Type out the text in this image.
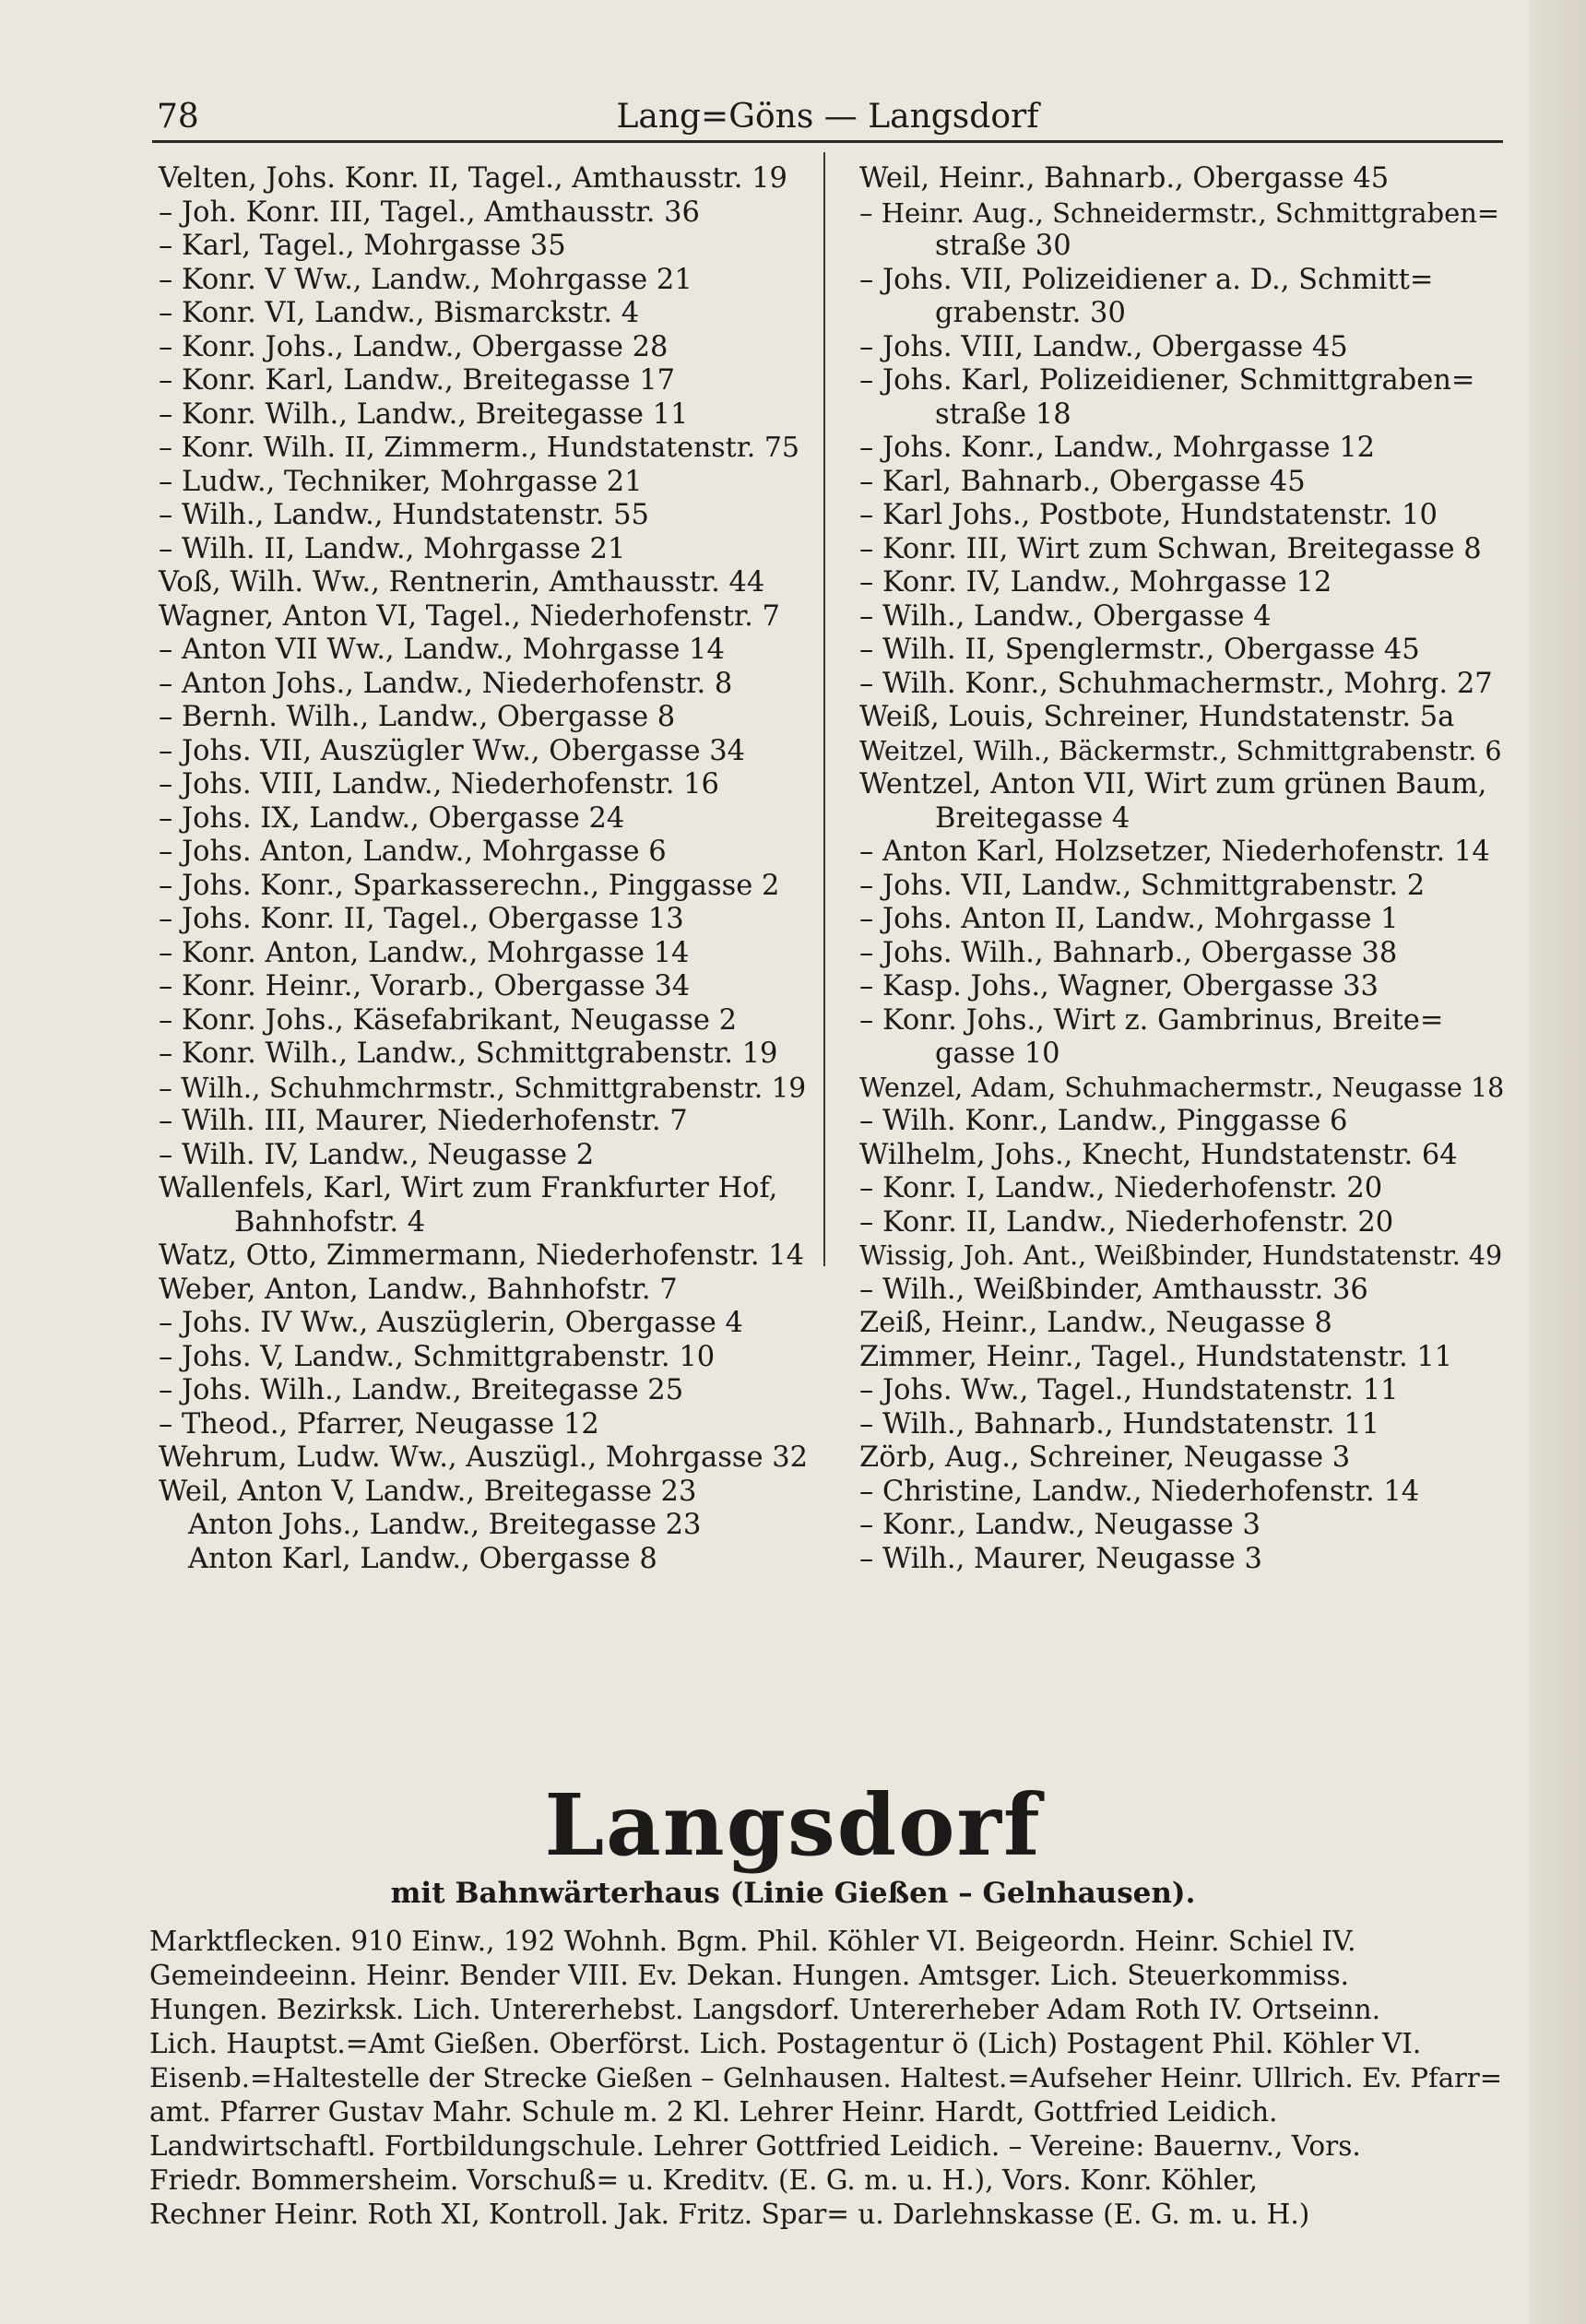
78	Lang=Göns — Langsdorf
Velten, Johs. Konr. II, Tagel., Amthausstr. 19
– Joh. Konr. III, Tagel., Amthausstr. 36
– Karl, Tagel., Mohrgasse 35
– Konr. V Ww., Landw., Mohrgasse 21
– Konr. VI, Landw., Bismarckstr. 4
– Konr. Johs., Landw., Obergasse 28
– Konr. Karl, Landw., Breitegasse 17
– Konr. Wilh., Landw., Breitegasse 11
– Konr. Wilh. II, Zimmerm., Hundstatenstr. 75
– Ludw., Techniker, Mohrgasse 21
– Wilh., Landw., Hundstatenstr. 55
– Wilh. II, Landw., Mohrgasse 21
Voß, Wilh. Ww., Rentnerin, Amthausstr. 44
Wagner, Anton VI, Tagel., Niederhofenstr. 7
– Anton VII Ww., Landw., Mohrgasse 14
– Anton Johs., Landw., Niederhofenstr. 8
– Bernh. Wilh., Landw., Obergasse 8
– Johs. VII, Auszügler Ww., Obergasse 34
– Johs. VIII, Landw., Niederhofenstr. 16
– Johs. IX, Landw., Obergasse 24
– Johs. Anton, Landw., Mohrgasse 6
– Johs. Konr., Sparkasserechn., Pinggasse 2
– Johs. Konr. II, Tagel., Obergasse 13
– Konr. Anton, Landw., Mohrgasse 14
– Konr. Heinr., Vorarb., Obergasse 34
– Konr. Johs., Käsefabrikant, Neugasse 2
– Konr. Wilh., Landw., Schmittgrabenstr. 19
– Wilh., Schuhmchrmstr., Schmittgrabenstr. 19
– Wilh. III, Maurer, Niederhofenstr. 7
– Wilh. IV, Landw., Neugasse 2
Wallenfels, Karl, Wirt zum Frankfurter Hof,
Bahnhofstr. 4
Watz, Otto, Zimmermann, Niederhofenstr. 14
Weber, Anton, Landw., Bahnhofstr. 7
– Johs. IV Ww., Auszüglerin, Obergasse 4
– Johs. V, Landw., Schmittgrabenstr. 10
– Johs. Wilh., Landw., Breitegasse 25
– Theod., Pfarrer, Neugasse 12
Wehrum, Ludw. Ww., Auszügl., Mohrgasse 32
Weil, Anton V, Landw., Breitegasse 23
Anton Johs., Landw., Breitegasse 23
Anton Karl, Landw., Obergasse 8
Weil, Heinr., Bahnarb., Obergasse 45
– Heinr. Aug., Schneidermstr., Schmittgraben=
straße 30
– Johs. VII, Polizeidiener a. D., Schmitt=
grabenstr. 30
– Johs. VIII, Landw., Obergasse 45
– Johs. Karl, Polizeidiener, Schmittgraben=
straße 18
– Johs. Konr., Landw., Mohrgasse 12
– Karl, Bahnarb., Obergasse 45
– Karl Johs., Postbote, Hundstatenstr. 10
– Konr. III, Wirt zum Schwan, Breitegasse 8
– Konr. IV, Landw., Mohrgasse 12
– Wilh., Landw., Obergasse 4
– Wilh. II, Spenglermstr., Obergasse 45
– Wilh. Konr., Schuhmachermstr., Mohrg. 27
Weiß, Louis, Schreiner, Hundstatenstr. 5a
Weitzel, Wilh., Bäckermstr., Schmittgrabenstr. 6
Wentzel, Anton VII, Wirt zum grünen Baum,
Breitegasse 4
– Anton Karl, Holzsetzer, Niederhofenstr. 14
– Johs. VII, Landw., Schmittgrabenstr. 2
– Johs. Anton II, Landw., Mohrgasse 1
– Johs. Wilh., Bahnarb., Obergasse 38
– Kasp. Johs., Wagner, Obergasse 33
– Konr. Johs., Wirt z. Gambrinus, Breite=
gasse 10
Wenzel, Adam, Schuhmachermstr., Neugasse 18
– Wilh. Konr., Landw., Pinggasse 6
Wilhelm, Johs., Knecht, Hundstatenstr. 64
– Konr. I, Landw., Niederhofenstr. 20
– Konr. II, Landw., Niederhofenstr. 20
Wissig, Joh. Ant., Weißbinder, Hundstatenstr. 49
– Wilh., Weißbinder, Amthausstr. 36
Zeiß, Heinr., Landw., Neugasse 8
Zimmer, Heinr., Tagel., Hundstatenstr. 11
– Johs. Ww., Tagel., Hundstatenstr. 11
– Wilh., Bahnarb., Hundstatenstr. 11
Zörb, Aug., Schreiner, Neugasse 3
– Christine, Landw., Niederhofenstr. 14
– Konr., Landw., Neugasse 3
– Wilh., Maurer, Neugasse 3
Langsdorf
mit Bahnwärterhaus (Linie Gießen – Gelnhausen).
Marktflecken. 910 Einw., 192 Wohnh. Bgm. Phil. Köhler VI. Beigeordn. Heinr. Schiel IV.
Gemeindeeinn. Heinr. Bender VIII. Ev. Dekan. Hungen. Amtsger. Lich. Steuerkommiss.
Hungen. Bezirksk. Lich. Untererhebst. Langsdorf. Untererheber Adam Roth IV. Ortseinn.
Lich. Hauptst.=Amt Gießen. Oberförst. Lich. Postagentur ö (Lich) Postagent Phil. Köhler VI.
Eisenb.=Haltestelle der Strecke Gießen – Gelnhausen. Haltest.=Aufseher Heinr. Ullrich. Ev. Pfarr=
amt. Pfarrer Gustav Mahr. Schule m. 2 Kl. Lehrer Heinr. Hardt, Gottfried Leidich.
Landwirtschaftl. Fortbildungschule. Lehrer Gottfried Leidich. – Vereine: Bauernv., Vors.
Friedr. Bommersheim. Vorschuß= u. Kreditv. (E. G. m. u. H.), Vors. Konr. Köhler,
Rechner Heinr. Roth XI, Kontroll. Jak. Fritz. Spar= u. Darlehnskasse (E. G. m. u. H.)
